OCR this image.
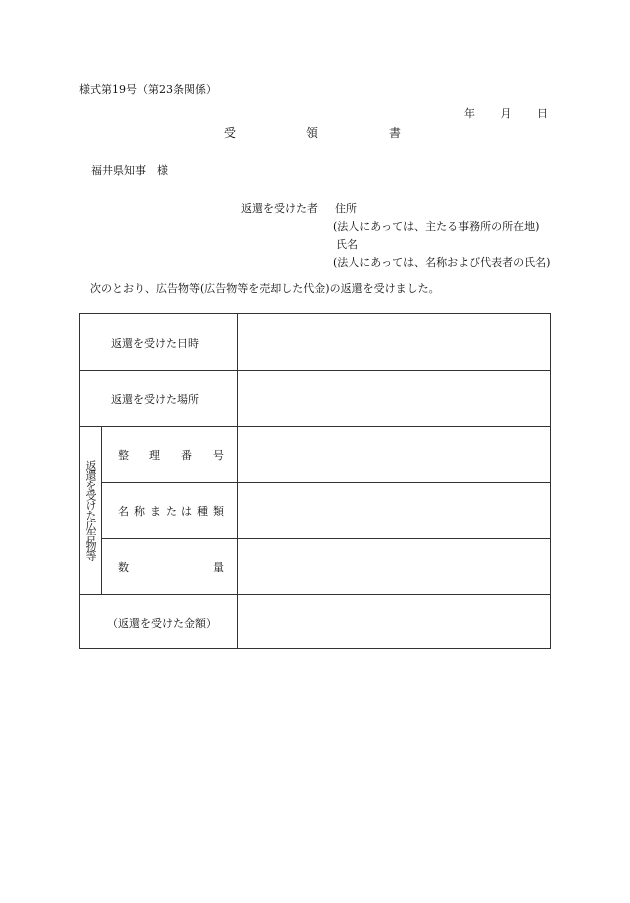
様式第19号（第23条関係）
年 月 日
受	領	書
福井県知事　様
返還を受けた者 住所
(法人にあっては、主たる事務所の所在地)
氏名
(法人にあっては、名称および代表者の氏名)
次のとおり、広告物等(広告物等を売却した代金)の返還を受けました。
返還を受けた日時
返還を受けた場所
返還を受けた広告物等
整 理 番 号
名 称 ま た は 種 類
数	量
（返還を受けた金額）
